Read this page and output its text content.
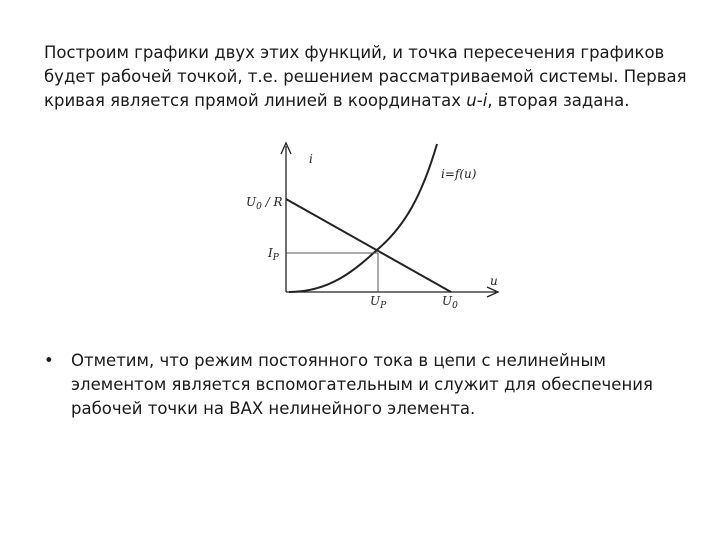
Построим графики двух этих функций, и точка пересечения графиков

будет рабочей точкой, т.е. решением рассматриваемой системы. Первая

кривая является прямой линией в координатах u-i, вторая задана.

i
u
i=f(u)
$U_0$ / R
$I_P$
$U_P$	$U_0$
• Отметим, что режим постоянного тока в цепи с нелинейным
элементом является вспомогательным и служит для обеспечения
рабочей точки на ВАХ нелинейного элемента.
